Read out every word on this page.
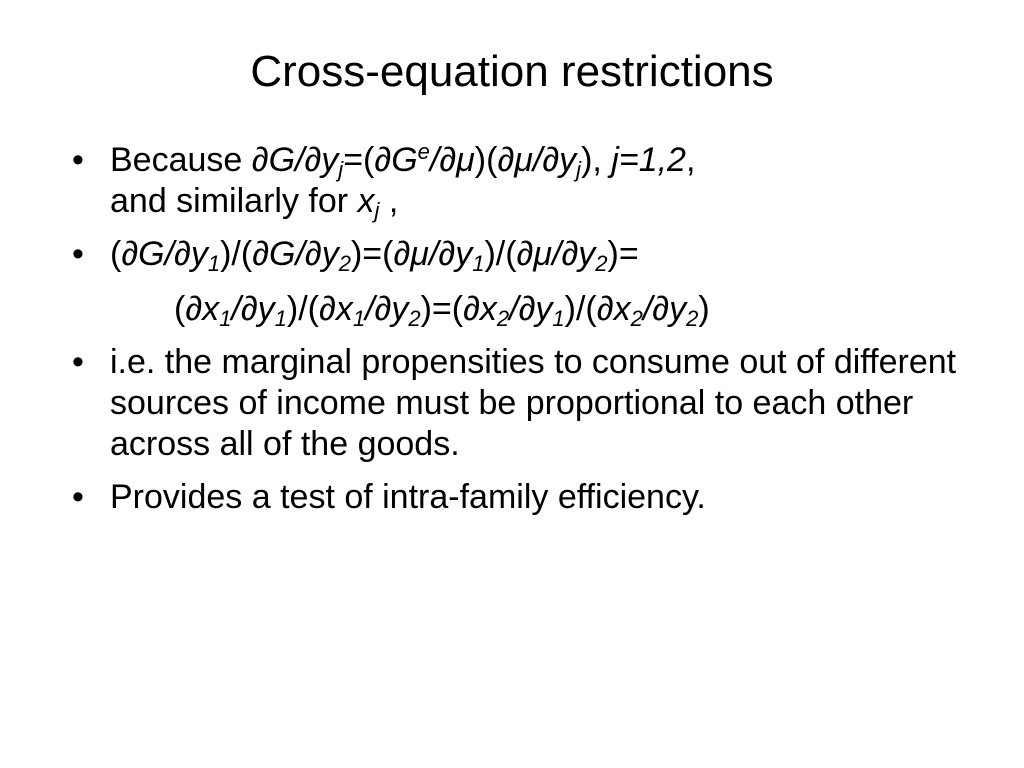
Cross-equation restrictions
• Because $\partial G/\partial y_j=(\partial G^e/\partial\mu)(\partial\mu/\partial y_j)$, j=1,2,
and similarly for $x_j$ ,
• $(\partial G/\partial y_1)/(\partial G/\partial y_2)=(\partial\mu/\partial y_1)/(\partial\mu/\partial y_2)=$
$(\partial x_1/\partial y_1)/(\partial x_1/\partial y_2)=(\partial x_2/\partial y_1)/(\partial x_2/\partial y_2)$
• i.e. the marginal propensities to consume out of different sources of income must be proportional to each other across all of the goods.
• Provides a test of intra-family efficiency.
